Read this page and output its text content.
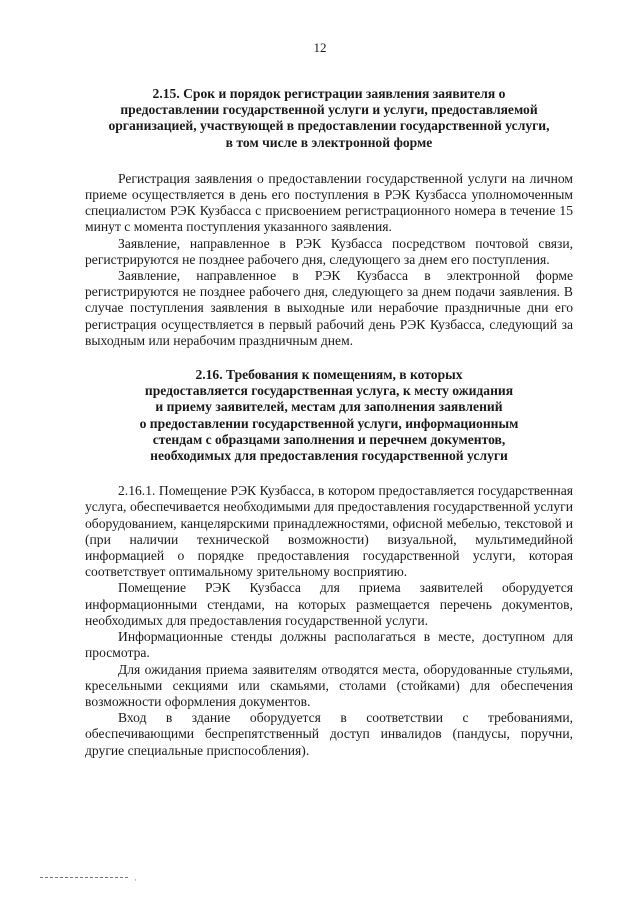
12
2.15. Срок и порядок регистрации заявления заявителя о
предоставлении государственной услуги и услуги, предоставляемой
организацией, участвующей в предоставлении государственной услуги,
в том числе в электронной форме

Регистрация заявления о предоставлении государственной услуги на личном приеме осуществляется в день его поступления в РЭК Кузбасса уполномоченным специалистом РЭК Кузбасса с присвоением регистрационного номера в течение 15 минут с момента поступления указанного заявления.

Заявление, направленное в РЭК Кузбасса посредством почтовой связи, регистрируются не позднее рабочего дня, следующего за днем его поступления.

Заявление, направленное в РЭК Кузбасса в электронной форме регистрируются не позднее рабочего дня, следующего за днем подачи заявления. В случае поступления заявления в выходные или нерабочие праздничные дни его регистрация осуществляется в первый рабочий день РЭК Кузбасса, следующий за выходным или нерабочим праздничным днем.

2.16. Требования к помещениям, в которых
предоставляется государственная услуга, к месту ожидания
и приему заявителей, местам для заполнения заявлений
о предоставлении государственной услуги, информационным
стендам с образцами заполнения и перечнем документов,
необходимых для предоставления государственной услуги

2.16.1. Помещение РЭК Кузбасса, в котором предоставляется государственная услуга, обеспечивается необходимыми для предоставления государственной услуги оборудованием, канцелярскими принадлежностями, офисной мебелью, текстовой и (при наличии технической возможности) визуальной, мультимедийной информацией о порядке предоставления государственной услуги, которая соответствует оптимальному зрительному восприятию.

Помещение РЭК Кузбасса для приема заявителей оборудуется информационными стендами, на которых размещается перечень документов, необходимых для предоставления государственной услуги.

Информационные стенды должны располагаться в месте, доступном для просмотра.

Для ожидания приема заявителям отводятся места, оборудованные стульями, кресельными секциями или скамьями, столами (стойками) для обеспечения возможности оформления документов.

Вход в здание оборудуется в соответствии с требованиями, обеспечивающими беспрепятственный доступ инвалидов (пандусы, поручни, другие специальные приспособления).

·
